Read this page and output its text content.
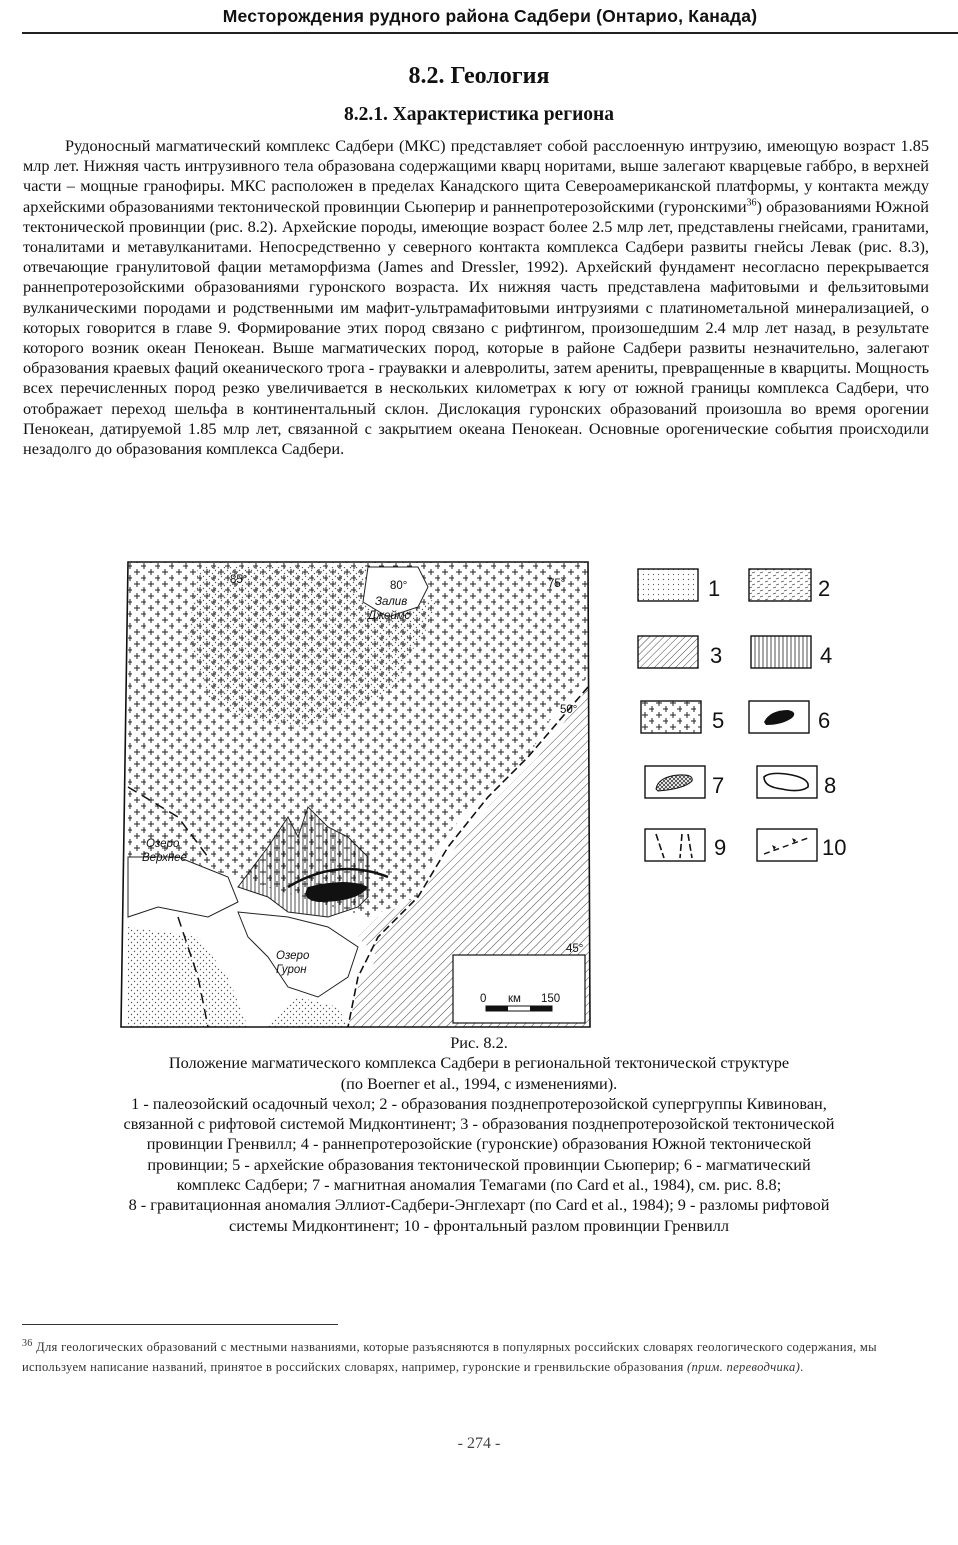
Месторождения рудного района Садбери (Онтарио, Канада)
8.2. Геология
8.2.1. Характеристика региона

Рудоносный магматический комплекс Садбери (МКС) представляет собой расслоенную интрузию, имеющую возраст 1.85 млр лет. Нижняя часть интрузивного тела образована содержащими кварц норитами, выше залегают кварцевые габбро, в верхней части – мощные гранофиры. МКС расположен в пределах Канадского щита Североамериканской платформы, у контакта между архейскими образованиями тектонической провинции Сьюперир и раннепротерозойскими (гуронскими$^{36}$) образованиями Южной тектонической провинции (рис. 8.2). Архейские породы, имеющие возраст более 2.5 млр лет, представлены гнейсами, гранитами, тоналитами и метавулканитами. Непосредственно у северного контакта комплекса Садбери развиты гнейсы Левак (рис. 8.3), отвечающие гранулитовой фации метаморфизма (James and Dressler, 1992). Архейский фундамент несогласно перекрывается раннепротерозойскими образованиями гуронского возраста. Их нижняя часть представлена мафитовыми и фельзитовыми вулканическими породами и родственными им мафит-ультрамафитовыми интрузиями с платинометальной минерализацией, о которых говорится в главе 9. Формирование этих пород связано с рифтингом, произошедшим 2.4 млр лет назад, в результате которого возник океан Пенокеан. Выше магматических пород, которые в районе Садбери развиты незначительно, залегают образования краевых фаций океанического трога - граувакки и алевролиты, затем арениты, превращенные в кварциты. Мощность всех перечисленных пород резко увеличивается в нескольких километрах к югу от южной границы комплекса Садбери, что отображает переход шельфа в континентальный склон. Дислокация гуронских образований произошла во время орогении Пенокеан, датируемой 1.85 млр лет, связанной с закрытием океана Пенокеан. Основные орогенические события происходили незадолго до образования комплекса Садбери.

85°	80°	75°
50°
45°
Залив
Джеймс
Озеро
Верхнее
Озеро
Гурон
0 км 150
1	2
3	4
5	6
7	8
9	10
Рис. 8.2.
Положение магматического комплекса Садбери в региональной тектонической структуре
(по Boerner et al., 1994, с изменениями).
1 - палеозойский осадочный чехол; 2 - образования позднепротерозойской супергруппы Кивинован,
связанной с рифтовой системой Мидконтинент; 3 - образования позднепротерозойской тектонической
провинции Гренвилл; 4 - раннепротерозойские (гуронские) образования Южной тектонической
провинции; 5 - архейские образования тектонической провинции Сьюперир; 6 - магматический
комплекс Садбери; 7 - магнитная аномалия Темагами (по Card et al., 1984), см. рис. 8.8;
8 - гравитационная аномалия Эллиот-Садбери-Энглехарт (по Card et al., 1984); 9 - разломы рифтовой
системы Мидконтинент; 10 - фронтальный разлом провинции Гренвилл
$^{36}$ Для геологических образований с местными названиями, которые разъясняются в популярных российских словарях геологического содержания, мы используем написание названий, принятое в российских словарях, например, гуронские и гренвильские образования (прим. переводчика).
- 274 -
